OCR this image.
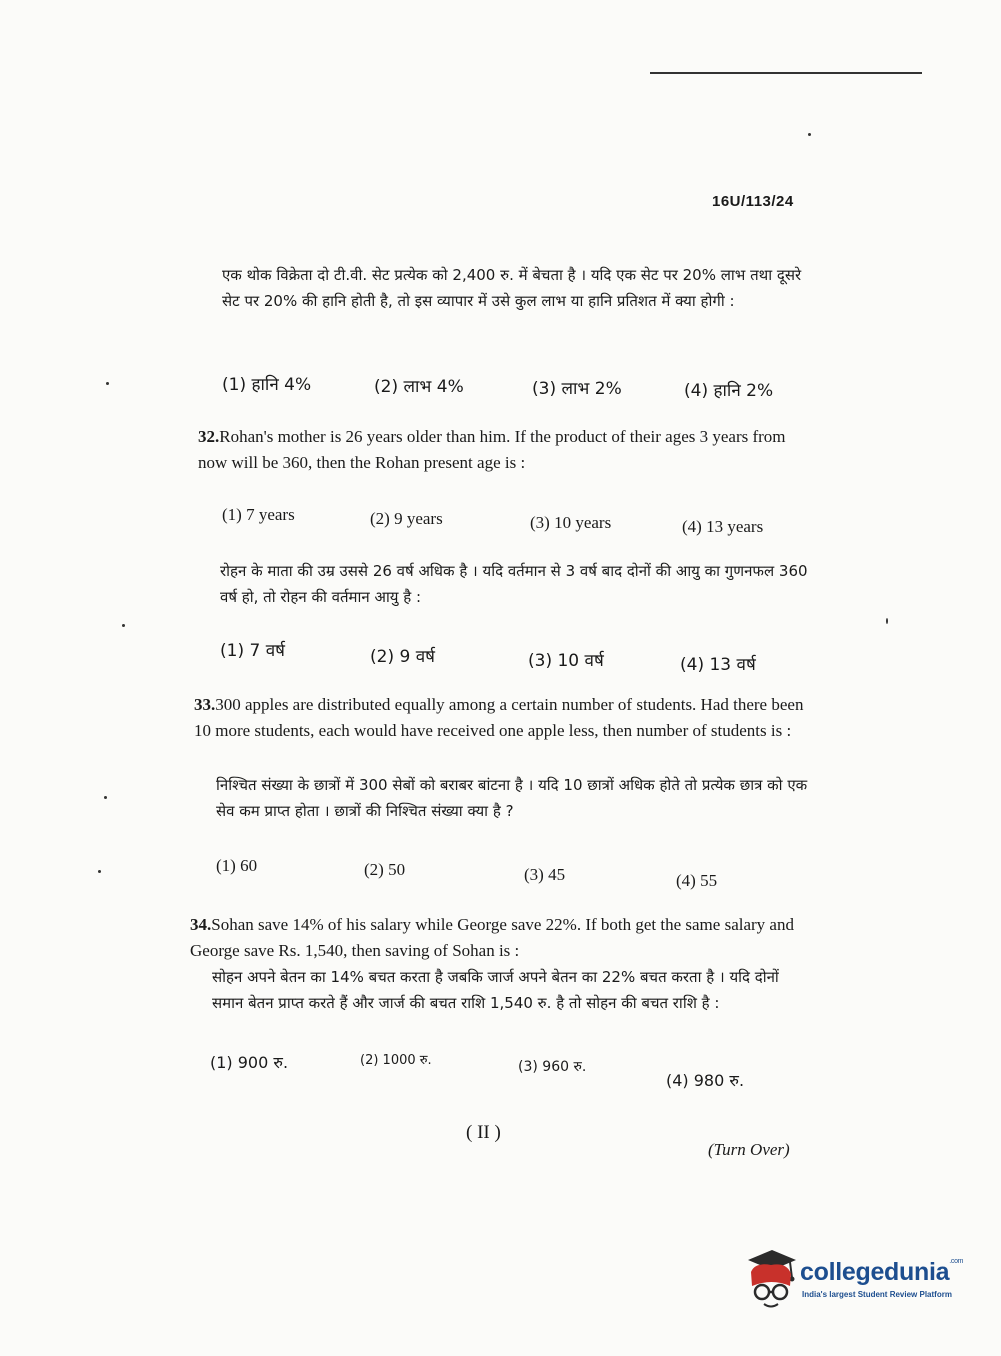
16U/113/24
एक थोक विक्रेता दो टी.वी. सेट प्रत्येक को 2,400 रु. में बेचता है । यदि एक सेट पर 20% लाभ तथा दूसरे सेट पर 20% की हानि होती है, तो इस व्यापार में उसे कुल लाभ या हानि प्रतिशत में क्या होगी :
(1) हानि 4%	(2) लाभ 4%	(3) लाभ 2%	(4) हानि 2%
32.Rohan's mother is 26 years older than him. If the product of their ages 3 years from now will be 360, then the Rohan present age is :
(1) 7 years	(2) 9 years	(3) 10 years	(4) 13 years
रोहन के माता की उम्र उससे 26 वर्ष अधिक है । यदि वर्तमान से 3 वर्ष बाद दोनों की आयु का गुणनफल 360 वर्ष हो, तो रोहन की वर्तमान आयु है :
(1) 7 वर्ष	(2) 9 वर्ष	(3) 10 वर्ष	(4) 13 वर्ष
33.300 apples are distributed equally among a certain number of students. Had there been 10 more students, each would have received one apple less, then number of students is :
निश्चित संख्या के छात्रों में 300 सेबों को बराबर बांटना है । यदि 10 छात्रों अधिक होते तो प्रत्येक छात्र को एक सेव कम प्राप्त होता । छात्रों की निश्चित संख्या क्या है ?
(1) 60	(2) 50	(3) 45	(4) 55
34.Sohan save 14% of his salary while George save 22%. If both get the same salary and George save Rs. 1,540, then saving of Sohan is :
सोहन अपने बेतन का 14% बचत करता है जबकि जार्ज अपने बेतन का 22% बचत करता है । यदि दोनों समान बेतन प्राप्त करते हैं और जार्ज की बचत राशि 1,540 रु. है तो सोहन की बचत राशि है :
(1) 900 रु.	(2) 1000 रु.	(3) 960 रु.
(4) 980 रु.
( II )
(Turn Over)
collegedunia$^{.com}$
India's largest Student Review Platform
